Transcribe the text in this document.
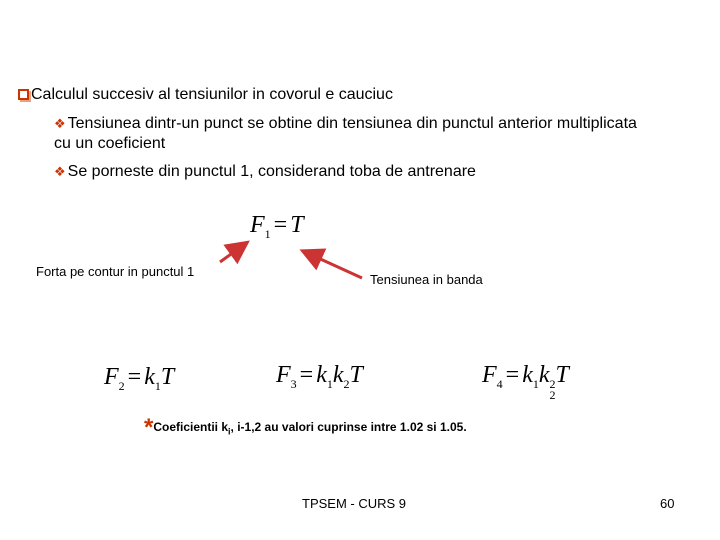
Calculul succesiv al tensiunilor in covorul e cauciuc
❖ Tensiunea dintr-un punct se obtine din tensiunea din punctul anterior multiplicata
cu un coeficient
❖ Se porneste din punctul 1, considerand toba de antrenare
$F_1 = T$
Forta pe contur in punctul 1
Tensiunea in banda
$F_2 = k_1T$	$F_3 = k_1k_2T$	$F_4 = k_1k$ 2
2
T
*Coeficientii $k_i$, i-1,2 au valori cuprinse intre 1.02 si 1.05.
TPSEM - CURS 9	60
